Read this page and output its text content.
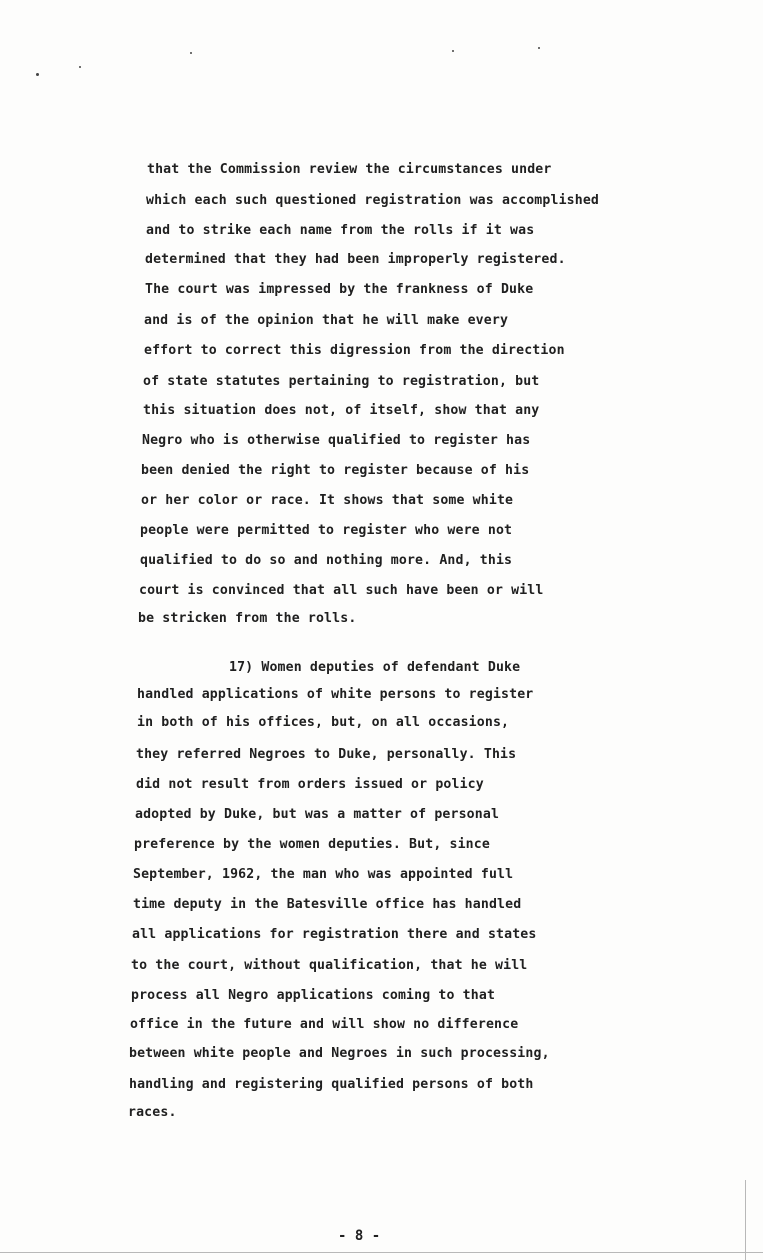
that the Commission review the circumstances under
which each such questioned registration was accomplished
and to strike each name from the rolls if it was
determined that they had been improperly registered.
The court was impressed by the frankness of Duke
and is of the opinion that he will make every
effort to correct this digression from the direction
of state statutes pertaining to registration, but
this situation does not, of itself, show that any
Negro who is otherwise qualified to register has
been denied the right to register because of his
or her color or race. It shows that some white
people were permitted to register who were not
qualified to do so and nothing more. And, this
court is convinced that all such have been or will
be stricken from the rolls.
17) Women deputies of defendant Duke
handled applications of white persons to register
in both of his offices, but, on all occasions,
they referred Negroes to Duke, personally. This
did not result from orders issued or policy
adopted by Duke, but was a matter of personal
preference by the women deputies. But, since
September, 1962, the man who was appointed full
time deputy in the Batesville office has handled
all applications for registration there and states
to the court, without qualification, that he will
process all Negro applications coming to that
office in the future and will show no difference
between white people and Negroes in such processing,
handling and registering qualified persons of both
races.
- 8 -
